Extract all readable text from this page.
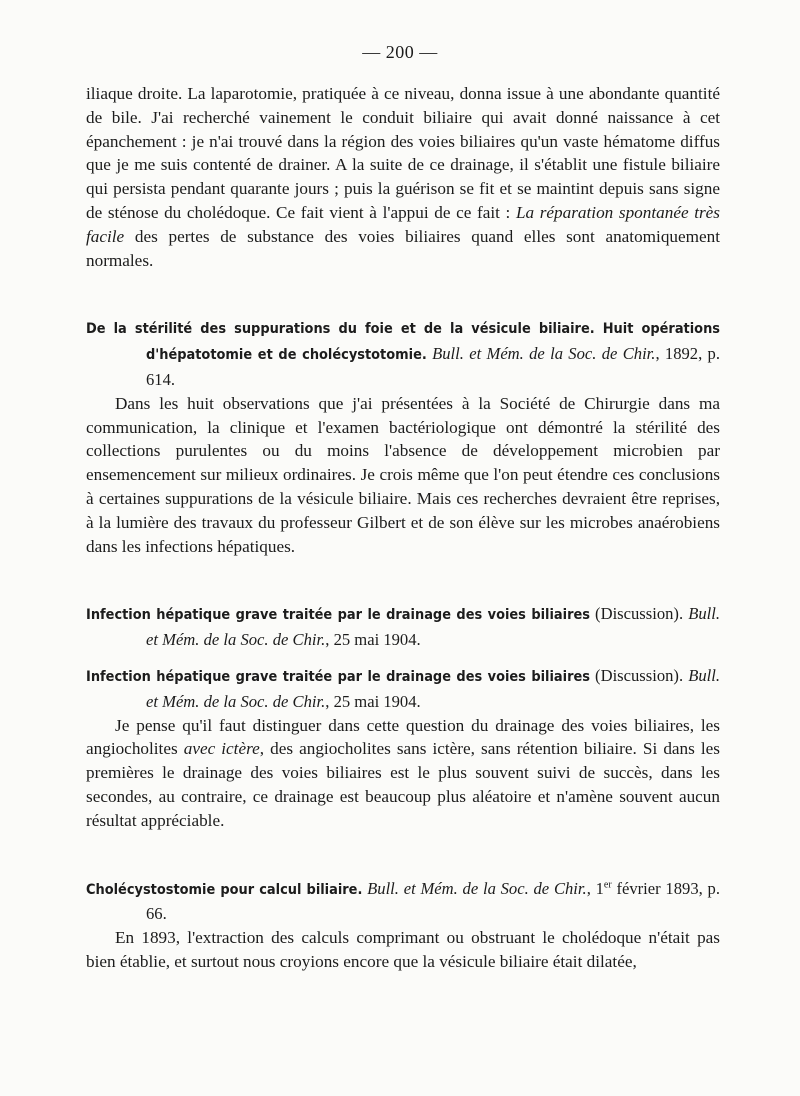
— 200 —

iliaque droite. La laparotomie, pratiquée à ce niveau, donna issue à une abondante quantité de bile. J'ai recherché vainement le conduit biliaire qui avait donné naissance à cet épanchement : je n'ai trouvé dans la région des voies biliaires qu'un vaste hématome diffus que je me suis contenté de drainer. A la suite de ce drainage, il s'établit une fistule biliaire qui persista pendant quarante jours ; puis la guérison se fit et se maintint depuis sans signe de sténose du cholédoque. Ce fait vient à l'appui de ce fait : La réparation spontanée très facile des pertes de substance des voies biliaires quand elles sont anatomiquement normales.

De la stérilité des suppurations du foie et de la vésicule biliaire. Huit opérations d'hépatotomie et de cholécystotomie. Bull. et Mém. de la Soc. de Chir., 1892, p. 614.

Dans les huit observations que j'ai présentées à la Société de Chirurgie dans ma communication, la clinique et l'examen bactériologique ont démontré la stérilité des collections purulentes ou du moins l'absence de développement microbien par ensemencement sur milieux ordinaires. Je crois même que l'on peut étendre ces conclusions à certaines suppurations de la vésicule biliaire. Mais ces recherches devraient être reprises, à la lumière des travaux du professeur Gilbert et de son élève sur les microbes anaérobiens dans les infections hépatiques.

Infection hépatique grave traitée par le drainage des voies biliaires (Discussion). Bull. et Mém. de la Soc. de Chir., 25 mai 1904.

Infection hépatique grave traitée par le drainage des voies biliaires (Discussion). Bull. et Mém. de la Soc. de Chir., 25 mai 1904.

Je pense qu'il faut distinguer dans cette question du drainage des voies biliaires, les angiocholites avec ictère, des angiocholites sans ictère, sans rétention biliaire. Si dans les premières le drainage des voies biliaires est le plus souvent suivi de succès, dans les secondes, au contraire, ce drainage est beaucoup plus aléatoire et n'amène souvent aucun résultat appréciable.

Cholécystostomie pour calcul biliaire. Bull. et Mém. de la Soc. de Chir., 1er février 1893, p. 66.

En 1893, l'extraction des calculs comprimant ou obstruant le cholédoque n'était pas bien établie, et surtout nous croyions encore que la vésicule biliaire était dilatée,
